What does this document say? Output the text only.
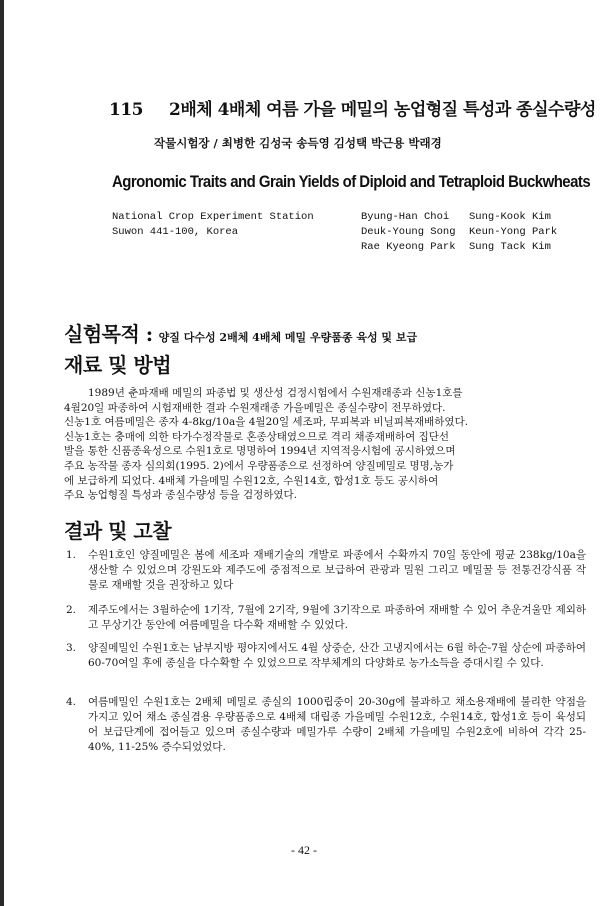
115 2배체 4배체 여름 가을 메밀의 농업형질 특성과 종실수량성
작물시험장 / 최병한 김성국 송득영 김성택 박근용 박래경
Agronomic Traits and Grain Yields of Diploid and Tetraploid Buckwheats
National Crop Experiment Station
Suwon 441-100, Korea
Byung-Han Choi	Sung-Kook Kim
Deuk-Young Song	Keun-Yong Park
Rae Kyeong Park	Sung Tack Kim
실험목적 : 양질 다수성 2배체 4배체 메밀 우량품종 육성 및 보급
재료 및 방법

1989년 춘파재배 메밀의 파종법 및 생산성 검정시험에서 수원재래종과 신농1호를

4월20일 파종하여 시험재배한 결과 수원재래종 가을메밀은 종실수량이 전무하였다.

신농1호 여름메밀은 종자 4-8kg/10a을 4월20일 세조파, 무피복과 비닐피복재배하였다.

신농1호는 충매에 의한 타가수정작물로 혼종상태였으므로 격리 채종재배하여 집단선

발을 통한 신품종육성으로 수원1호로 명명하여 1994년 지역적응시험에 공시하였으며

주요 농작물 종자 심의회(1995. 2)에서 우량품종으로 선정하여 양질메밀로 명명,농가

에 보급하게 되었다. 4배체 가을메밀 수원12호, 수원14호, 합성1호 등도 공시하여

주요 농업형질 특성과 종실수량성 등을 검정하였다.

결과 및 고찰
1.	수원1호인 양질메밀은 봄에 세조파 재배기술의 개발로 파종에서 수확까지 70일 동안에 평균 238kg/10a을 생산할 수 있었으며 강원도와 제주도에 중점적으로 보급하여 관광과 밀원 그리고 메밀꿀 등 전통건강식품 작물로 재배할 것을 권장하고 있다
2.	제주도에서는 3월하순에 1기작, 7월에 2기작, 9월에 3기작으로 파종하여 재배할 수 있어 추운겨울만 제외하고 무상기간 동안에 여름메밀을 다수확 재배할 수 있었다.
3.	양질메밀인 수원1호는 남부지방 평야지에서도 4월 상중순, 산간 고냉지에서는 6월 하순-7월 상순에 파종하여 60-70여일 후에 종실을 다수확할 수 있었으므로 작부체계의 다양화로 농가소득을 증대시킬 수 있다.
4.	여름메밀인 수원1호는 2배체 메밀로 종실의 1000립중이 20-30g에 불과하고 채소용재배에 불리한 약점을 가지고 있어 채소 종실겸용 우량품종으로 4배체 대립종 가을메밀 수원12호, 수원14호, 합성1호 등이 육성되어 보급단계에 접어들고 있으며 종실수량과 메밀가루 수량이 2배체 가을메밀 수원2호에 비하여 각각 25-40%, 11-25% 증수되었었다.
- 42 -
